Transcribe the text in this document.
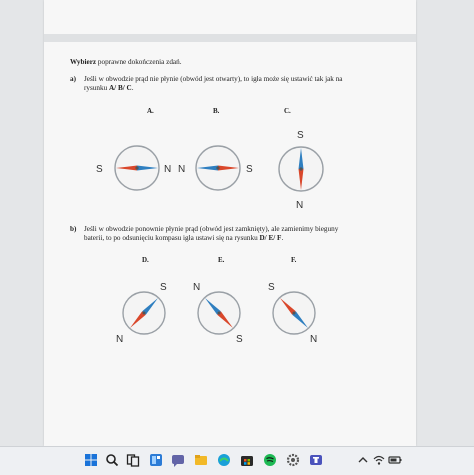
Wybierz poprawne dokończenia zdań.
a) Jeśli w obwodzie prąd nie płynie (obwód jest otwarty), to igła może się ustawić tak jak na
rysunku A/ B/ C.
A.	B.	C.
S	N N	S
S
N
b) Jeśli w obwodzie ponownie płynie prąd (obwód jest zamknięty), ale zamienimy bieguny
baterii, to po odsunięciu kompasu igła ustawi się na rysunku D/ E/ F.
D.	E.	F.
S
N
N
S
S
N
